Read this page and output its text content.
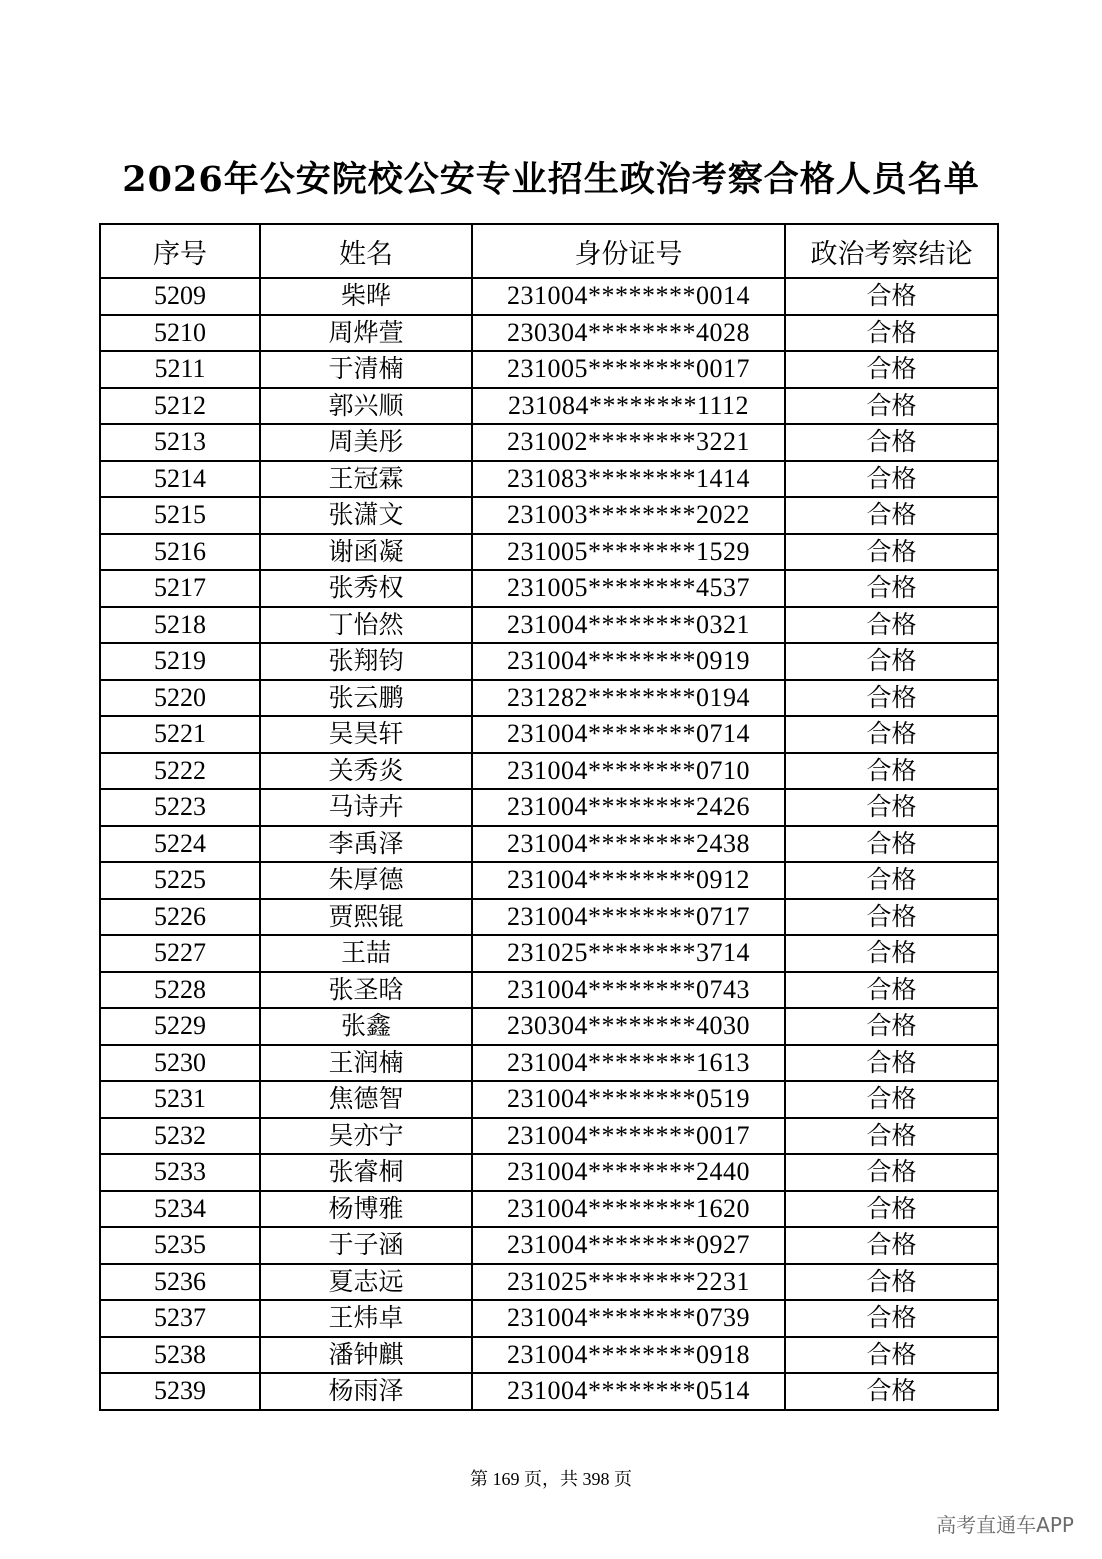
2026年公安院校公安专业招生政治考察合格人员名单
序号	姓名	身份证号	政治考察结论
5209	柴晔	231004********0014	合格
5210	周烨萱	230304********4028	合格
5211	于清楠	231005********0017	合格
5212	郭兴顺	231084********1112	合格
5213	周美彤	231002********3221	合格
5214	王冠霖	231083********1414	合格
5215	张潇文	231003********2022	合格
5216	谢函凝	231005********1529	合格
5217	张秀权	231005********4537	合格
5218	丁怡然	231004********0321	合格
5219	张翔钧	231004********0919	合格
5220	张云鹏	231282********0194	合格
5221	吴昊轩	231004********0714	合格
5222	关秀炎	231004********0710	合格
5223	马诗卉	231004********2426	合格
5224	李禹泽	231004********2438	合格
5225	朱厚德	231004********0912	合格
5226	贾熙锟	231004********0717	合格
5227	王喆	231025********3714	合格
5228	张圣晗	231004********0743	合格
5229	张鑫	230304********4030	合格
5230	王润楠	231004********1613	合格
5231	焦德智	231004********0519	合格
5232	吴亦宁	231004********0017	合格
5233	张睿桐	231004********2440	合格
5234	杨博雅	231004********1620	合格
5235	于子涵	231004********0927	合格
5236	夏志远	231025********2231	合格
5237	王炜卓	231004********0739	合格
5238	潘钟麒	231004********0918	合格
5239	杨雨泽	231004********0514	合格
第 169 页，共 398 页
高考直通车APP
